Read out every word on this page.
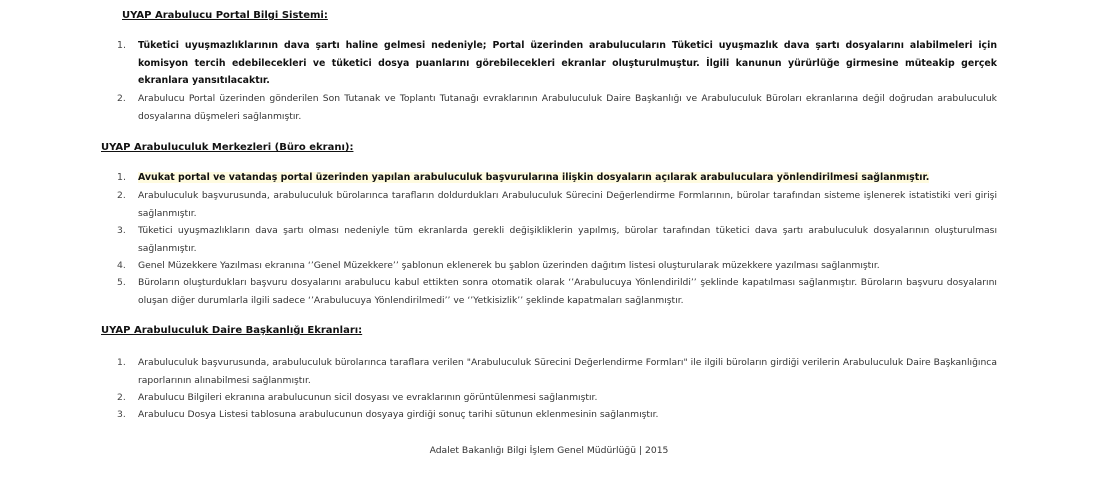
UYAP Arabulucu Portal Bilgi Sistemi:
1. Tüketici uyuşmazlıklarının dava şartı haline gelmesi nedeniyle; Portal üzerinden arabulucuların Tüketici uyuşmazlık dava şartı dosyalarını alabilmeleri için komisyon tercih edebilecekleri ve tüketici dosya puanlarını görebilecekleri ekranlar oluşturulmuştur. İlgili kanunun yürürlüğe girmesine müteakip gerçek ekranlara yansıtılacaktır.
2. Arabulucu Portal üzerinden gönderilen Son Tutanak ve Toplantı Tutanağı evraklarının Arabuluculuk Daire Başkanlığı ve Arabuluculuk Büroları ekranlarına değil doğrudan arabuluculuk dosyalarına düşmeleri sağlanmıştır.
UYAP Arabuluculuk Merkezleri (Büro ekranı):
1. Avukat portal ve vatandaş portal üzerinden yapılan arabuluculuk başvurularına ilişkin dosyaların açılarak arabuluculara yönlendirilmesi sağlanmıştır.
2. Arabuluculuk başvurusunda, arabuluculuk bürolarınca tarafların doldurdukları Arabuluculuk Sürecini Değerlendirme Formlarının, bürolar tarafından sisteme işlenerek istatistiki veri girişi sağlanmıştır.
3. Tüketici uyuşmazlıkların dava şartı olması nedeniyle tüm ekranlarda gerekli değişikliklerin yapılmış, bürolar tarafından tüketici dava şartı arabuluculuk dosyalarının oluşturulması sağlanmıştır.
4. Genel Müzekkere Yazılması ekranına ‘’Genel Müzekkere’’ şablonun eklenerek bu şablon üzerinden dağıtım listesi oluşturularak müzekkere yazılması sağlanmıştır.
5. Büroların oluşturdukları başvuru dosyalarını arabulucu kabul ettikten sonra otomatik olarak ‘’Arabulucuya Yönlendirildi’’ şeklinde kapatılması sağlanmıştır. Büroların başvuru dosyalarını oluşan diğer durumlarla ilgili sadece ‘’Arabulucuya Yönlendirilmedi’’ ve ‘’Yetkisizlik’’ şeklinde kapatmaları sağlanmıştır.
UYAP Arabuluculuk Daire Başkanlığı Ekranları:
1. Arabuluculuk başvurusunda, arabuluculuk bürolarınca taraflara verilen "Arabuluculuk Sürecini Değerlendirme Formları" ile ilgili büroların girdiği verilerin Arabuluculuk Daire Başkanlığınca raporlarının alınabilmesi sağlanmıştır.
2. Arabulucu Bilgileri ekranına arabulucunun sicil dosyası ve evraklarının görüntülenmesi sağlanmıştır.
3. Arabulucu Dosya Listesi tablosuna arabulucunun dosyaya girdiği sonuç tarihi sütunun eklenmesinin sağlanmıştır.
Adalet Bakanlığı Bilgi İşlem Genel Müdürlüğü | 2015
